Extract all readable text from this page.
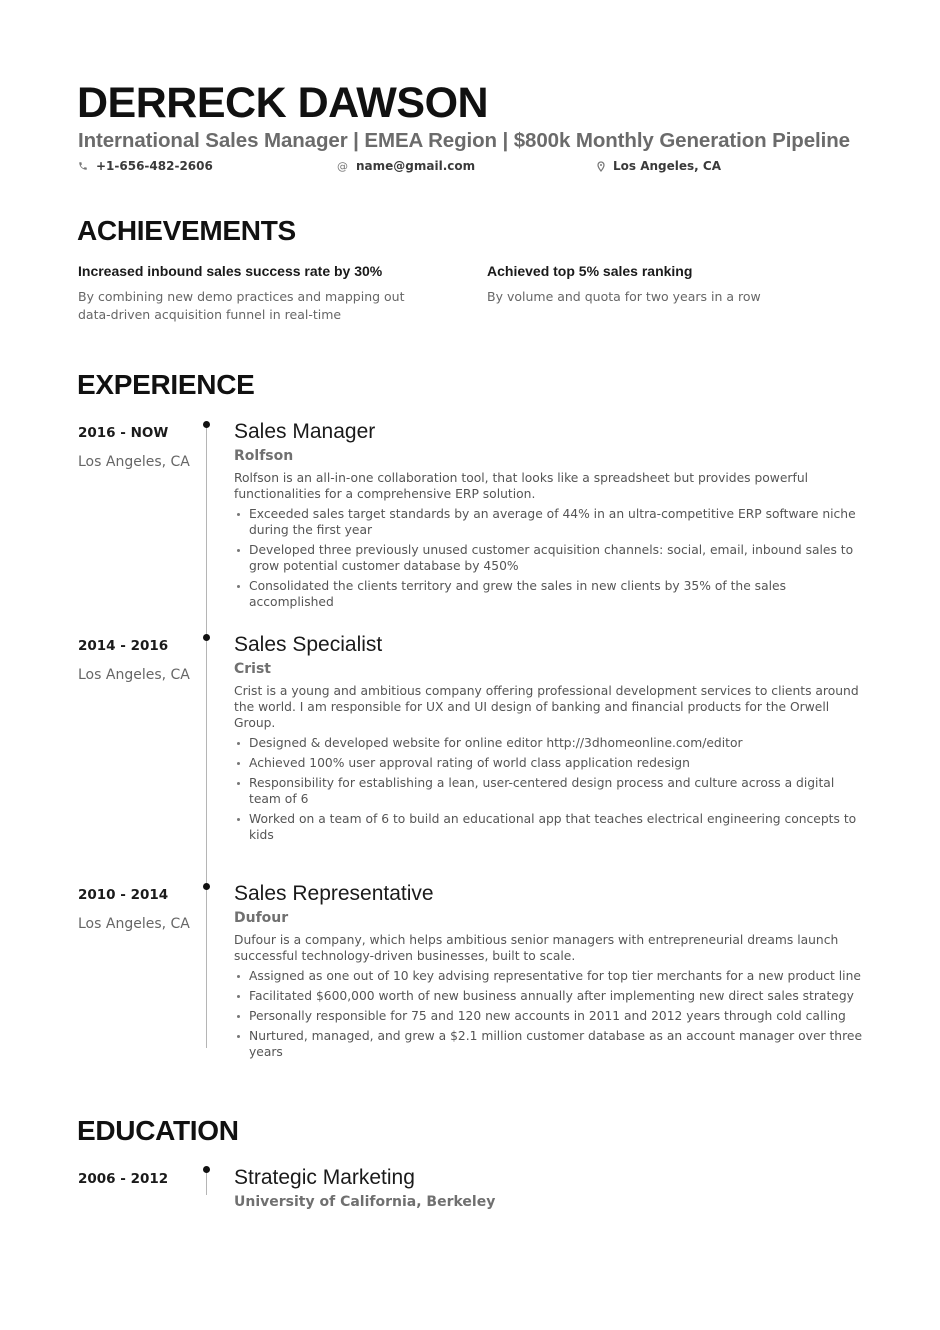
DERRECK DAWSON
International Sales Manager | EMEA Region | $800k Monthly Generation Pipeline
+1-656-482-2606	@ name@gmail.com	Los Angeles, CA
ACHIEVEMENTS
Increased inbound sales success rate by 30%
By combining new demo practices and mapping out data-driven acquisition funnel in real-time
Achieved top 5% sales ranking
By volume and quota for two years in a row
EXPERIENCE
2016 - NOW
Los Angeles, CA
Sales Manager
Rolfson
Rolfson is an all-in-one collaboration tool, that looks like a spreadsheet but provides powerful functionalities for a comprehensive ERP solution.
Exceeded sales target standards by an average of 44% in an ultra-competitive ERP software niche during the first year
Developed three previously unused customer acquisition channels: social, email, inbound sales to grow potential customer database by 450%
Consolidated the clients territory and grew the sales in new clients by 35% of the sales accomplished
2014 - 2016
Los Angeles, CA
Sales Specialist
Crist
Crist is a young and ambitious company offering professional development services to clients around the world. I am responsible for UX and UI design of banking and financial products for the Orwell Group.
Designed & developed website for online editor http://3dhomeonline.com/editor
Achieved 100% user approval rating of world class application redesign
Responsibility for establishing a lean, user-centered design process and culture across a digital team of 6
Worked on a team of 6 to build an educational app that teaches electrical engineering concepts to kids
2010 - 2014
Los Angeles, CA
Sales Representative
Dufour
Dufour is a company, which helps ambitious senior managers with entrepreneurial dreams launch successful technology-driven businesses, built to scale.
Assigned as one out of 10 key advising representative for top tier merchants for a new product line
Facilitated $600,000 worth of new business annually after implementing new direct sales strategy
Personally responsible for 75 and 120 new accounts in 2011 and 2012 years through cold calling
Nurtured, managed, and grew a $2.1 million customer database as an account manager over three years
EDUCATION
2006 - 2012	Strategic Marketing
University of California, Berkeley
